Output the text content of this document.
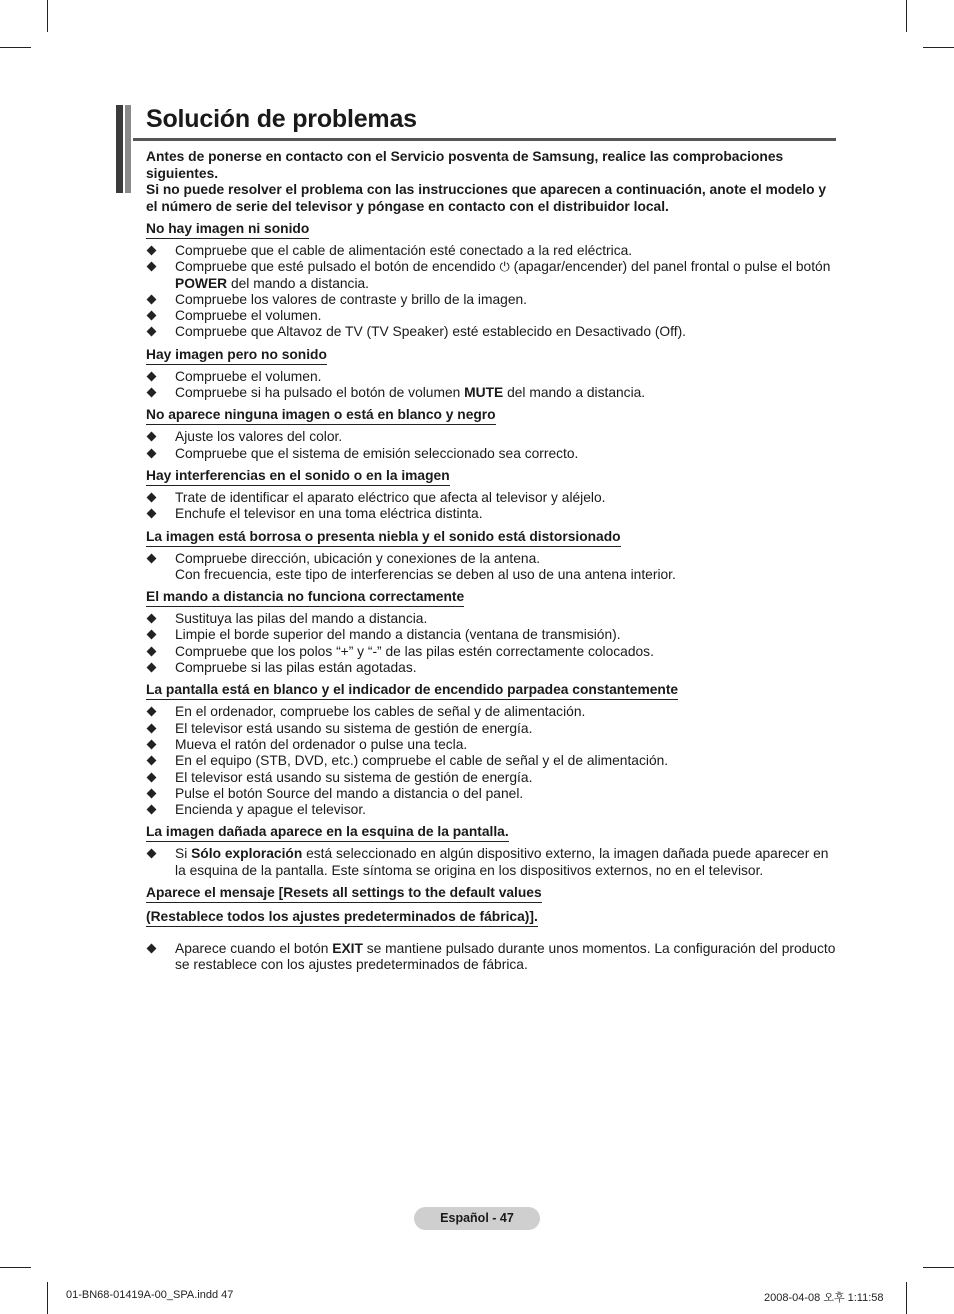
Solución de problemas

Antes de ponerse en contacto con el Servicio posventa de Samsung, realice las comprobaciones siguientes.

Si no puede resolver el problema con las instrucciones que aparecen a continuación, anote el modelo y el número de serie del televisor y póngase en contacto con el distribuidor local.

No hay imagen ni sonido
Compruebe que el cable de alimentación esté conectado a la red eléctrica.
Compruebe que esté pulsado el botón de encendido ⏻ (apagar/encender) del panel frontal o pulse el botón POWER del mando a distancia.
Compruebe los valores de contraste y brillo de la imagen.
Compruebe el volumen.
Compruebe que Altavoz de TV (TV Speaker) esté establecido en Desactivado (Off).
Hay imagen pero no sonido
Compruebe el volumen.
Compruebe si ha pulsado el botón de volumen MUTE del mando a distancia.
No aparece ninguna imagen o está en blanco y negro
Ajuste los valores del color.
Compruebe que el sistema de emisión seleccionado sea correcto.
Hay interferencias en el sonido o en la imagen
Trate de identificar el aparato eléctrico que afecta al televisor y aléjelo.
Enchufe el televisor en una toma eléctrica distinta.
La imagen está borrosa o presenta niebla y el sonido está distorsionado
Compruebe dirección, ubicación y conexiones de la antena.
Con frecuencia, este tipo de interferencias se deben al uso de una antena interior.
El mando a distancia no funciona correctamente
Sustituya las pilas del mando a distancia.
Limpie el borde superior del mando a distancia (ventana de transmisión).
Compruebe que los polos “+” y “-” de las pilas estén correctamente colocados.
Compruebe si las pilas están agotadas.
La pantalla está en blanco y el indicador de encendido parpadea constantemente
En el ordenador, compruebe los cables de señal y de alimentación.
El televisor está usando su sistema de gestión de energía.
Mueva el ratón del ordenador o pulse una tecla.
En el equipo (STB, DVD, etc.) compruebe el cable de señal y el de alimentación.
El televisor está usando su sistema de gestión de energía.
Pulse el botón Source del mando a distancia o del panel.
Encienda y apague el televisor.
La imagen dañada aparece en la esquina de la pantalla.
Si Sólo exploración está seleccionado en algún dispositivo externo, la imagen dañada puede aparecer en la esquina de la pantalla. Este síntoma se origina en los dispositivos externos, no en el televisor.
Aparece el mensaje [Resets all settings to the default values
(Restablece todos los ajustes predeterminados de fábrica)].
Aparece cuando el botón EXIT se mantiene pulsado durante unos momentos. La configuración del producto se restablece con los ajustes predeterminados de fábrica.
Español - 47
01-BN68-01419A-00_SPA.indd 47	2008-04-08 오후 1:11:58
